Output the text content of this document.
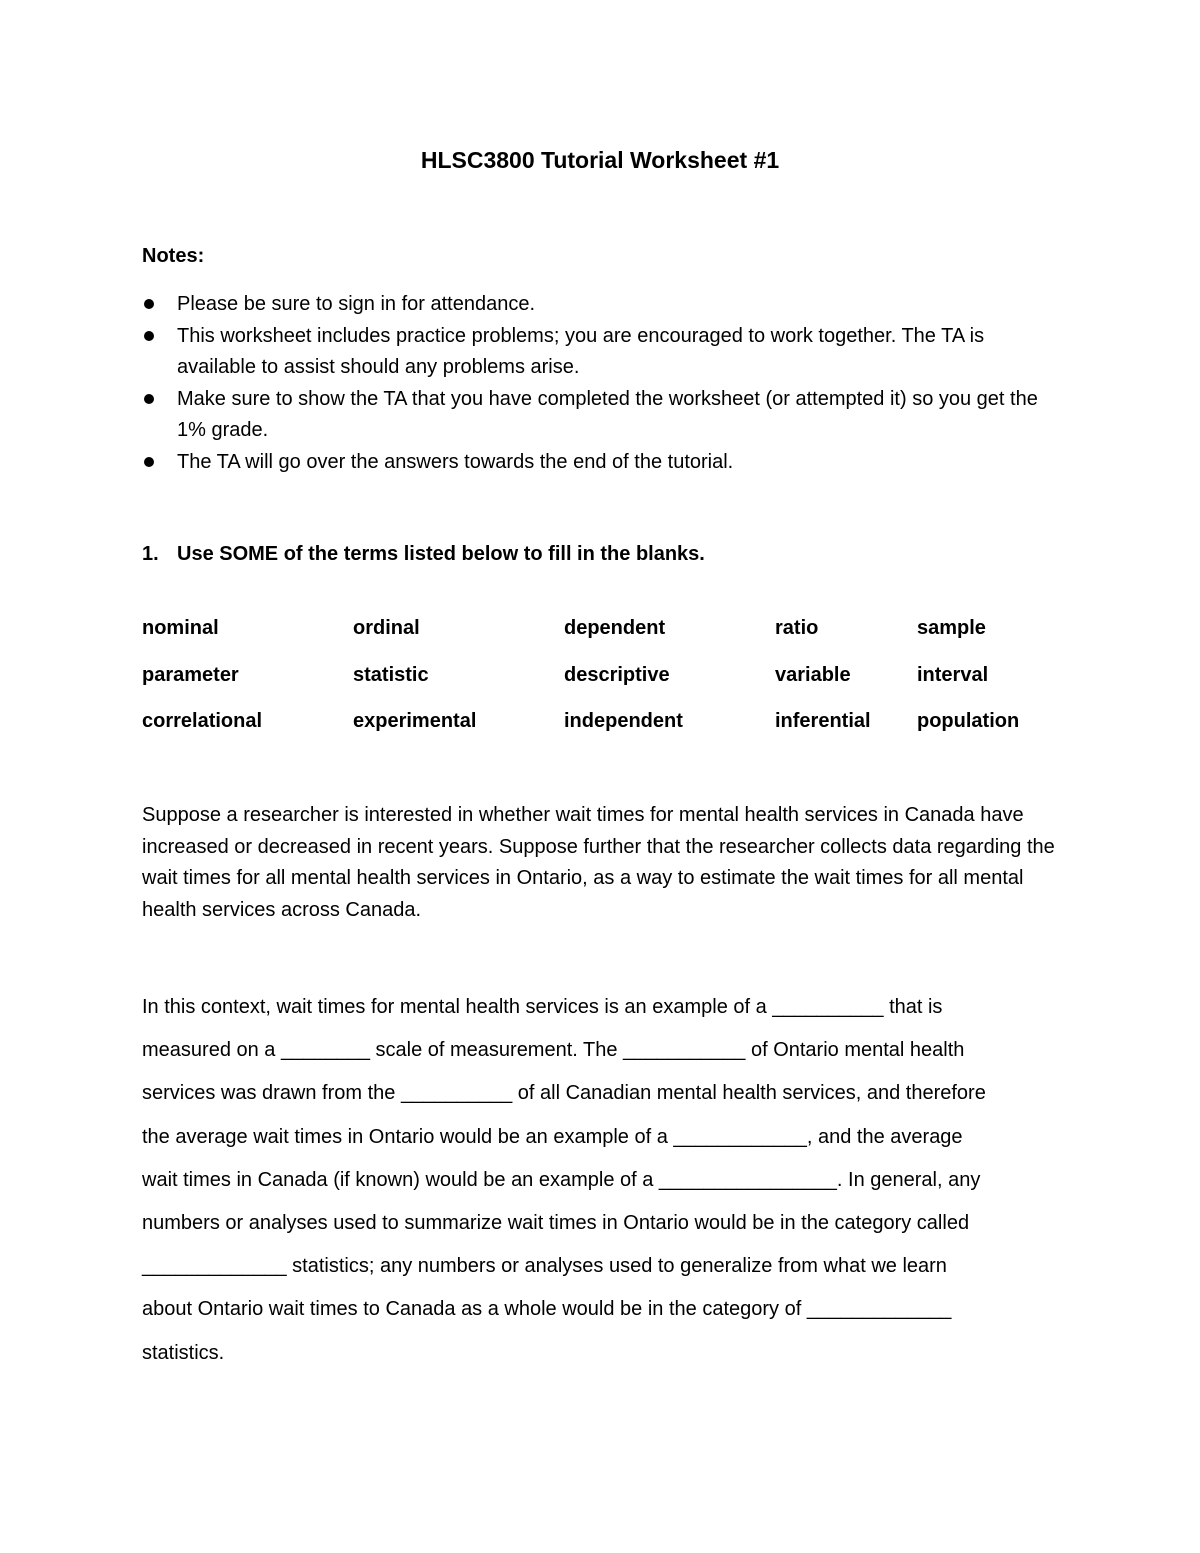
HLSC3800 Tutorial Worksheet #1
Notes:
Please be sure to sign in for attendance.
This worksheet includes practice problems; you are encouraged to work together. The TA is available to assist should any problems arise.
Make sure to show the TA that you have completed the worksheet (or attempted it) so you get the 1% grade.
The TA will go over the answers towards the end of the tutorial.
1. Use SOME of the terms listed below to fill in the blanks.
nominal	ordinal	dependent	ratio	sample
parameter	statistic	descriptive	variable	interval
correlational	experimental	independent	inferential population

Suppose a researcher is interested in whether wait times for mental health services in Canada have increased or decreased in recent years. Suppose further that the researcher collects data regarding the wait times for all mental health services in Ontario, as a way to estimate the wait times for all mental health services across Canada.

In this context, wait times for mental health services is an example of a __________ that is
measured on a ________ scale of measurement. The ___________ of Ontario mental health
services was drawn from the __________ of all Canadian mental health services, and therefore
the average wait times in Ontario would be an example of a ____________, and the average
wait times in Canada (if known) would be an example of a ________________. In general, any
numbers or analyses used to summarize wait times in Ontario would be in the category called
_____________ statistics; any numbers or analyses used to generalize from what we learn
about Ontario wait times to Canada as a whole would be in the category of _____________
statistics.
